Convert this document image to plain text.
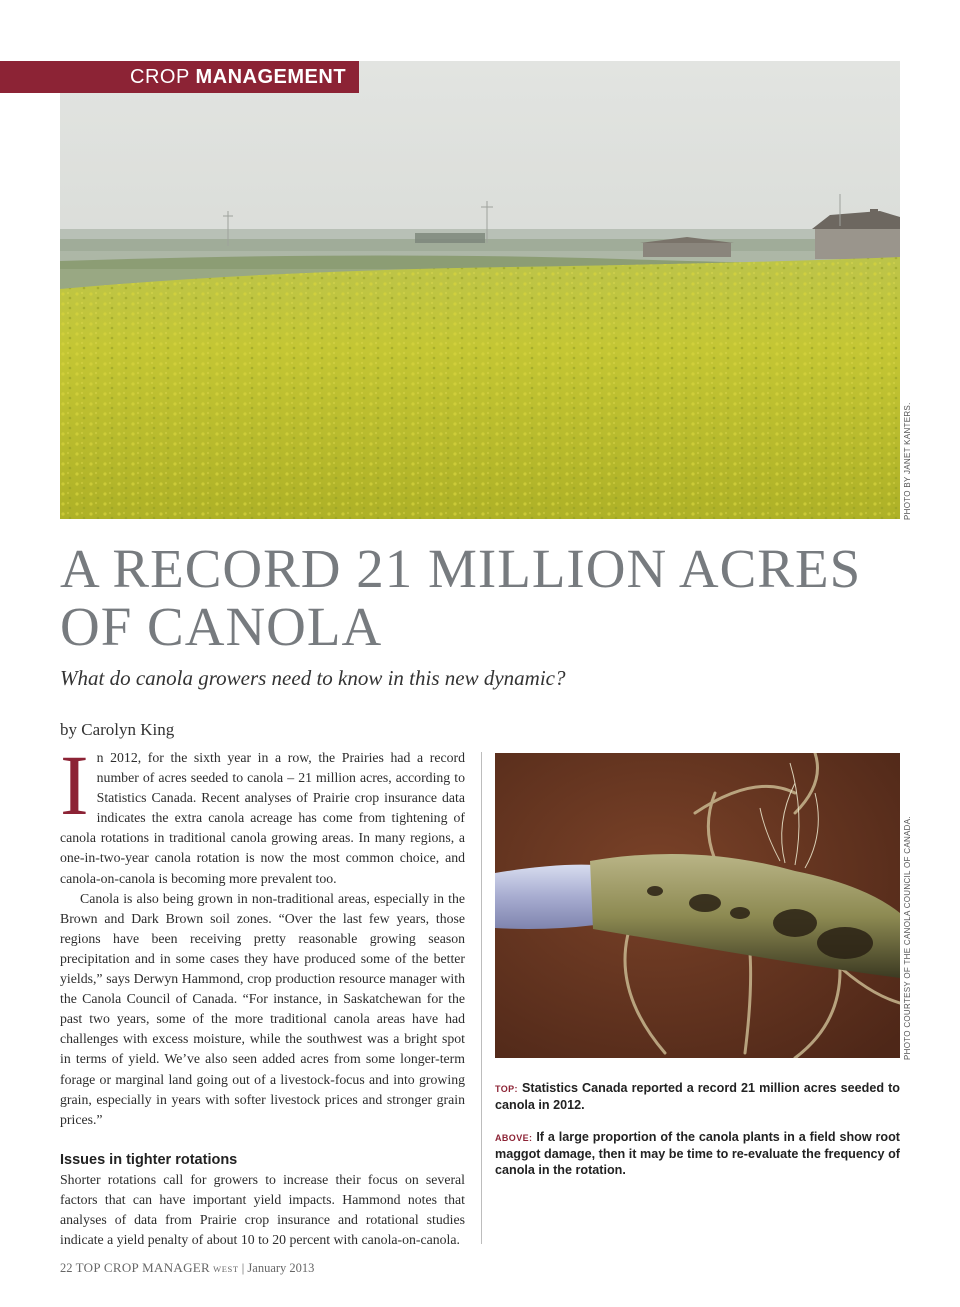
CROP MANAGEMENT
PHOTO BY JANET KANTERS.
A RECORD 21 MILLION ACRES
OF CANOLA

What do canola growers need to know in this new dynamic?

by Carolyn King

In 2012, for the sixth year in a row, the Prairies had a record number of acres seeded to canola – 21 million acres, according to Statistics Canada. Recent analyses of Prairie crop insurance data indicates the extra canola acreage has come from tightening of canola rotations in traditional canola growing areas. In many regions, a one-in-two-year canola rotation is now the most common choice, and canola-on-canola is becoming more prevalent too.

Canola is also being grown in non-traditional areas, especially in the Brown and Dark Brown soil zones. “Over the last few years, those regions have been receiving pretty reasonable growing season precipitation and in some cases they have produced some of the better yields,” says Derwyn Hammond, crop production resource manager with the Canola Council of Canada. “For instance, in Saskatchewan for the past two years, some of the more traditional canola areas have had challenges with excess moisture, while the southwest was a bright spot in terms of yield. We’ve also seen added acres from some longer-term forage or marginal land going out of a livestock-focus and into growing grain, especially in years with softer livestock prices and stronger grain prices.”

Issues in tighter rotations

Shorter rotations call for growers to increase their focus on several factors that can have important yield impacts. Hammond notes that analyses of data from Prairie crop insurance and rotational studies indicate a yield penalty of about 10 to 20 percent with canola-on-canola.

PHOTO COURTESY OF THE CANOLA COUNCIL OF CANADA.

TOP: Statistics Canada reported a record 21 million acres seeded to canola in 2012.

ABOVE: If a large proportion of the canola plants in a field show root maggot damage, then it may be time to re-evaluate the frequency of canola in the rotation.

22 TOP CROP MANAGER WEST | January 2013
